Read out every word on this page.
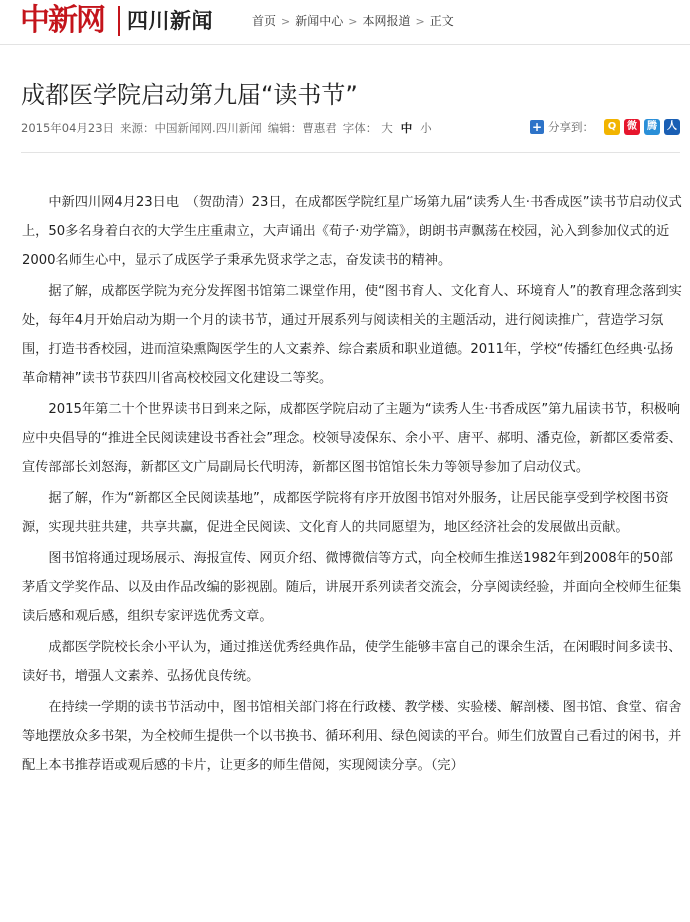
中新网 四川新闻	首页 > 新闻中心 > 本网报道 > 正文
成都医学院启动第九届“读书节”
2015年04月23日 来源：中国新闻网.四川新闻 编辑：曹惠君 字体： 大 中 小	+ 分享到：	Q	微	腾	人

中新四川网4月23日电　（贺劭清）23日，在成都医学院红星广场第九届“读秀人生·书香成医”读书节启动仪式上，50多名身着白衣的大学生庄重肃立，大声诵出《荀子·劝学篇》，朗朗书声飘荡在校园，沁入到参加仪式的近2000名师生心中，显示了成医学子秉承先贤求学之志，奋发读书的精神。

据了解，成都医学院为充分发挥图书馆第二课堂作用，使“图书育人、文化育人、环境育人”的教育理念落到实处，每年4月开始启动为期一个月的读书节，通过开展系列与阅读相关的主题活动，进行阅读推广，营造学习氛围，打造书香校园，进而渲染熏陶医学生的人文素养、综合素质和职业道德。2011年，学校“传播红色经典·弘扬革命精神”读书节获四川省高校校园文化建设二等奖。

2015年第二十个世界读书日到来之际，成都医学院启动了主题为“读秀人生·书香成医”第九届读书节，积极响应中央倡导的“推进全民阅读建设书香社会”理念。校领导凌保东、余小平、唐平、郝明、潘克俭，新都区委常委、宣传部部长刘怒海，新都区文广局副局长代明涛，新都区图书馆馆长朱力等领导参加了启动仪式。

据了解，作为“新都区全民阅读基地”，成都医学院将有序开放图书馆对外服务，让居民能享受到学校图书资源，实现共驻共建，共享共赢，促进全民阅读、文化育人的共同愿望为，地区经济社会的发展做出贡献。

图书馆将通过现场展示、海报宣传、网页介绍、微博微信等方式，向全校师生推送1982年到2008年的50部茅盾文学奖作品、以及由作品改编的影视剧。随后，讲展开系列读者交流会，分享阅读经验，并面向全校师生征集读后感和观后感，组织专家评选优秀文章。

成都医学院校长余小平认为，通过推送优秀经典作品，使学生能够丰富自己的课余生活，在闲暇时间多读书、读好书，增强人文素养、弘扬优良传统。

在持续一学期的读书节活动中，图书馆相关部门将在行政楼、教学楼、实验楼、解剖楼、图书馆、食堂、宿舍等地摆放众多书架，为全校师生提供一个以书换书、循环利用、绿色阅读的平台。师生们放置自己看过的闲书，并配上本书推荐语或观后感的卡片，让更多的师生借阅，实现阅读分享。（完）
